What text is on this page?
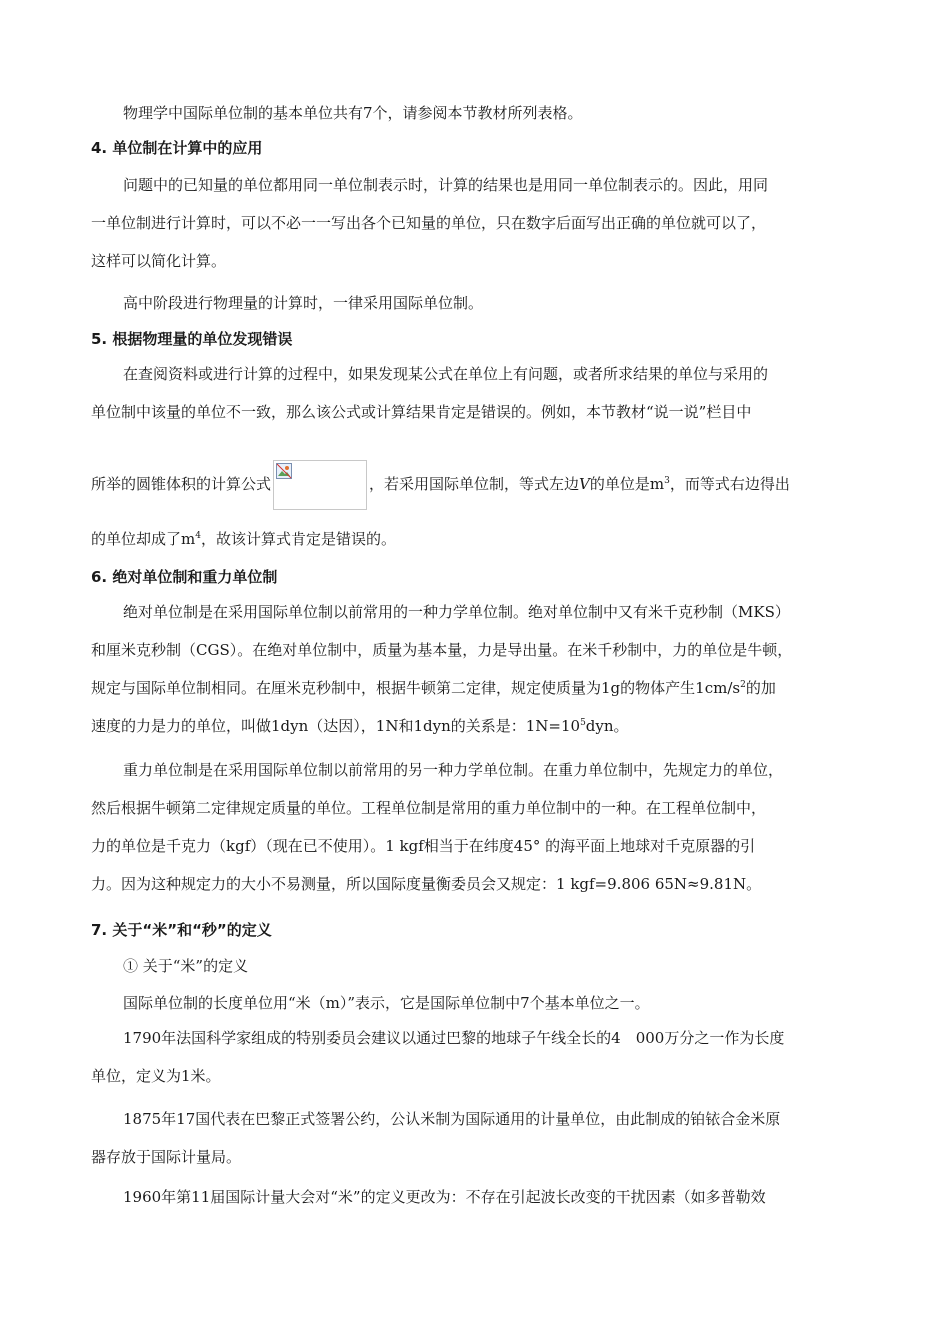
物理学中国际单位制的基本单位共有7个，请参阅本节教材所列表格。

4. 单位制在计算中的应用

问题中的已知量的单位都用同一单位制表示时，计算的结果也是用同一单位制表示的。因此，用同
一单位制进行计算时，可以不必一一写出各个已知量的单位，只在数字后面写出正确的单位就可以了，
这样可以简化计算。

高中阶段进行物理量的计算时，一律采用国际单位制。

5. 根据物理量的单位发现错误

在查阅资料或进行计算的过程中，如果发现某公式在单位上有问题，或者所求结果的单位与采用的
单位制中该量的单位不一致，那么该公式或计算结果肯定是错误的。例如，本节教材“说一说”栏目中

所举的圆锥体积的计算公式	，若采用国际单位制，等式左边V的单位是$m^3$，而等式右边得出

的单位却成了$m^4$，故该计算式肯定是错误的。

6. 绝对单位制和重力单位制

绝对单位制是在采用国际单位制以前常用的一种力学单位制。绝对单位制中又有米千克秒制（MKS）
和厘米克秒制（CGS）。在绝对单位制中，质量为基本量，力是导出量。在米千秒制中，力的单位是牛顿，
规定与国际单位制相同。在厘米克秒制中，根据牛顿第二定律，规定使质量为1g的物体产生$1cm/s^2$的加
速度的力是力的单位，叫做1dyn（达因），1N和1dyn的关系是：$1N=10^5dyn$。

重力单位制是在采用国际单位制以前常用的另一种力学单位制。在重力单位制中，先规定力的单位，
然后根据牛顿第二定律规定质量的单位。工程单位制是常用的重力单位制中的一种。在工程单位制中，
力的单位是千克力（kgf）（现在已不使用）。1 kgf相当于在纬度45° 的海平面上地球对千克原器的引
力。因为这种规定力的大小不易测量，所以国际度量衡委员会又规定：1 kgf=9.806 65N≈9.81N。

7. 关于“米”和“秒”的定义

① 关于“米”的定义

国际单位制的长度单位用“米（m）”表示，它是国际单位制中7个基本单位之一。

1790年法国科学家组成的特别委员会建议以通过巴黎的地球子午线全长的4　000万分之一作为长度
单位，定义为1米。

1875年17国代表在巴黎正式签署公约，公认米制为国际通用的计量单位，由此制成的铂铱合金米原
器存放于国际计量局。

1960年第11届国际计量大会对“米”的定义更改为：不存在引起波长改变的干扰因素（如多普勒效
